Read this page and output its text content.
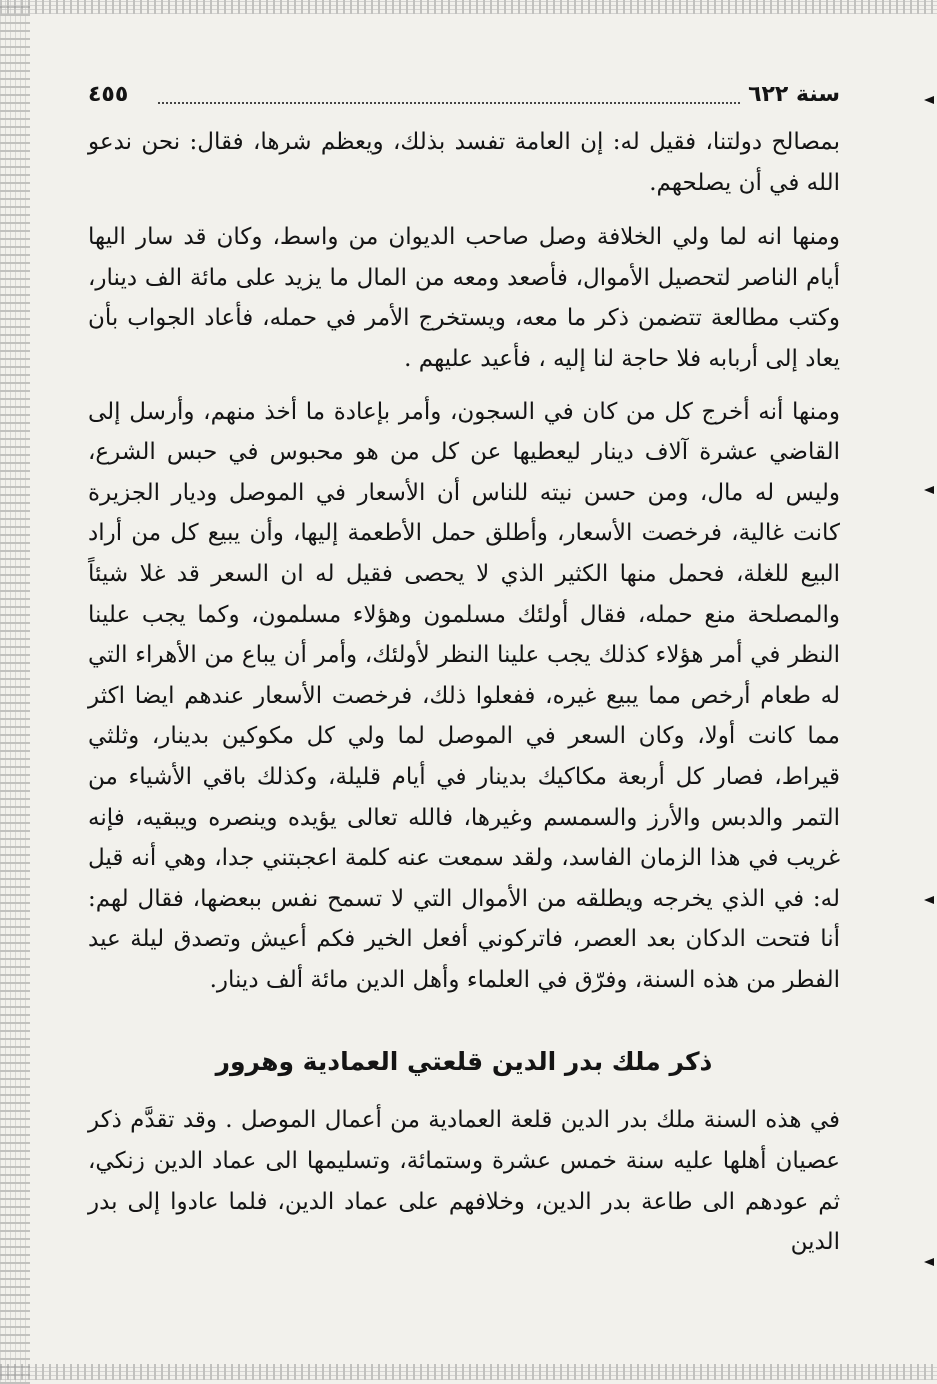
سنة ٦٢٢
٤٥٥

بمصالح دولتنا، فقيل له: إن العامة تفسد بذلك، ويعظم شرها، فقال: نحن ندعو الله في أن يصلحهم.

ومنها انه لما ولي الخلافة وصل صاحب الديوان من واسط، وكان قد سار اليها أيام الناصر لتحصيل الأموال، فأصعد ومعه من المال ما يزيد على مائة الف دينار، وكتب مطالعة تتضمن ذكر ما معه، ويستخرج الأمر في حمله، فأعاد الجواب بأن يعاد إلى أربابه فلا حاجة لنا إليه ، فأعيد عليهم .

ومنها أنه أخرج كل من كان في السجون، وأمر بإعادة ما أخذ منهم، وأرسل إلى القاضي عشرة آلاف دينار ليعطيها عن كل من هو محبوس في حبس الشرع، وليس له مال، ومن حسن نيته للناس أن الأسعار في الموصل وديار الجزيرة كانت غالية، فرخصت الأسعار، وأطلق حمل الأطعمة إليها، وأن يبيع كل من أراد البيع للغلة، فحمل منها الكثير الذي لا يحصى فقيل له ان السعر قد غلا شيئاً والمصلحة منع حمله، فقال أولئك مسلمون وهؤلاء مسلمون، وكما يجب علينا النظر في أمر هؤلاء كذلك يجب علينا النظر لأولئك، وأمر أن يباع من الأهراء التي له طعام أرخص مما يبيع غيره، ففعلوا ذلك، فرخصت الأسعار عندهم ايضا اكثر مما كانت أولا، وكان السعر في الموصل لما ولي كل مكوكين بدينار، وثلثي قيراط، فصار كل أربعة مكاكيك بدينار في أيام قليلة، وكذلك باقي الأشياء من التمر والدبس والأرز والسمسم وغيرها، فالله تعالى يؤيده وينصره ويبقيه، فإنه غريب في هذا الزمان الفاسد، ولقد سمعت عنه كلمة اعجبتني جدا، وهي أنه قيل له: في الذي يخرجه ويطلقه من الأموال التي لا تسمح نفس ببعضها، فقال لهم: أنا فتحت الدكان بعد العصر، فاتركوني أفعل الخير فكم أعيش وتصدق ليلة عيد الفطر من هذه السنة، وفرّق في العلماء وأهل الدين مائة ألف دينار.

ذكر ملك بدر الدين قلعتي العمادية وهرور

في هذه السنة ملك بدر الدين قلعة العمادية من أعمال الموصل . وقد تقدَّم ذكر عصيان أهلها عليه سنة خمس عشرة وستمائة، وتسليمها الى عماد الدين زنكي، ثم عودهم الى طاعة بدر الدين، وخلافهم على عماد الدين، فلما عادوا إلى بدر الدين
